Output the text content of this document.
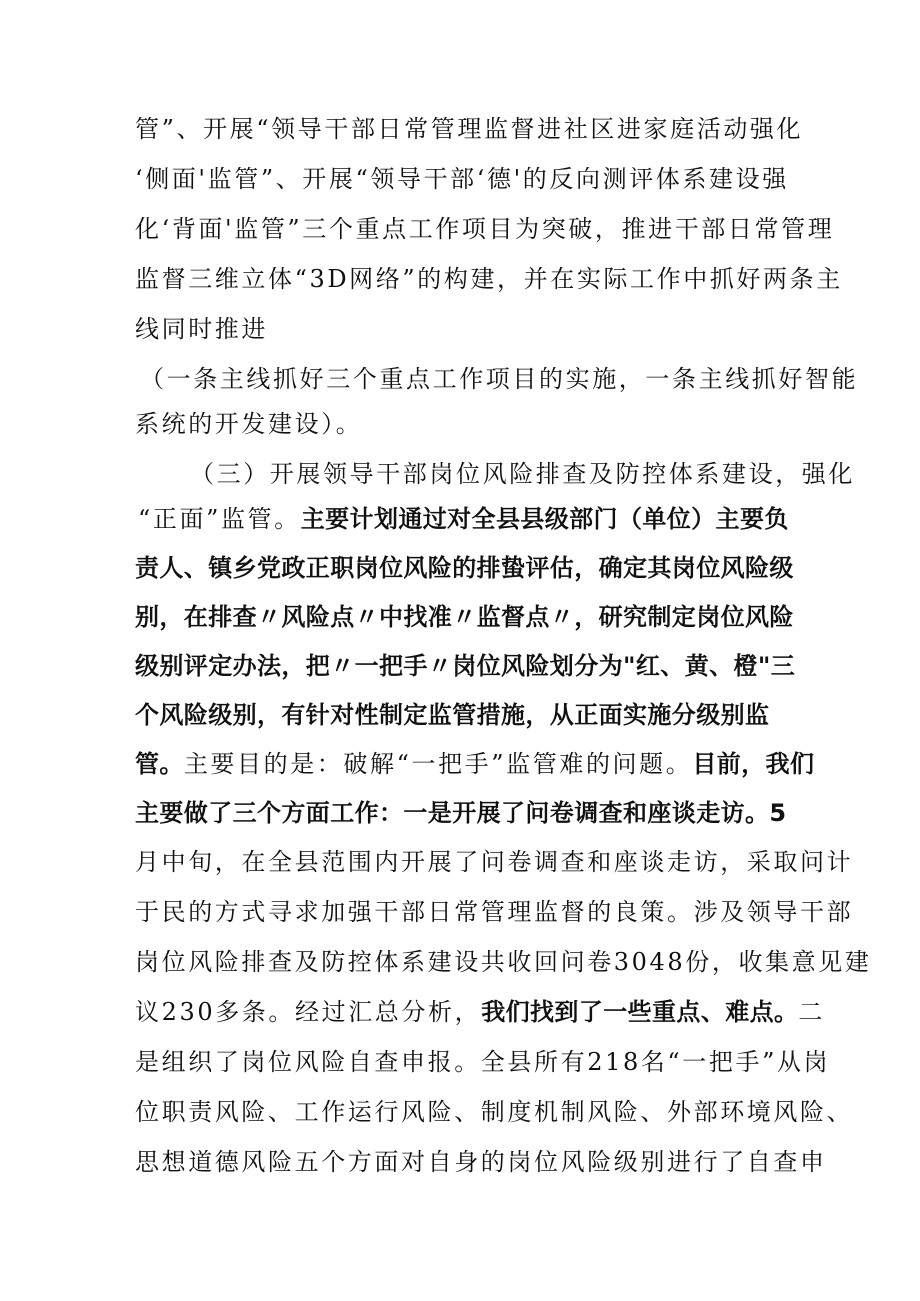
管”、开展“领导干部日常管理监督进社区进家庭活动强化
‘侧面'监管”、开展“领导干部‘德'的反向测评体系建设强
化‘背面'监管”三个重点工作项目为突破，推进干部日常管理
监督三维立体“3D网络”的构建，并在实际工作中抓好两条主
线同时推进
（一条主线抓好三个重点工作项目的实施，一条主线抓好智能
系统的开发建设）。
（三）开展领导干部岗位风险排查及防控体系建设，强化
“正面”监管。主要计划通过对全县县级部门（单位）主要负
责人、镇乡党政正职岗位风险的排蛰评估，确定其岗位风险级
别，在排查〃风险点〃中找准〃监督点〃，研究制定岗位风险
级别评定办法，把〃一把手〃岗位风险划分为"红、黄、橙"三
个风险级别，有针对性制定监管措施，从正面实施分级别监
管。主要目的是：破解“一把手”监管难的问题。目前，我们
主要做了三个方面工作：一是开展了问卷调查和座谈走访。5
月中旬，在全县范围内开展了问卷调查和座谈走访，采取问计
于民的方式寻求加强干部日常管理监督的良策。涉及领导干部
岗位风险排查及防控体系建设共收回问卷3048份，收集意见建
议230多条。经过汇总分析，我们找到了一些重点、难点。二
是组织了岗位风险自查申报。全县所有218名“一把手”从岗
位职责风险、工作运行风险、制度机制风险、外部环境风险、
思想道德风险五个方面对自身的岗位风险级别进行了自查申
